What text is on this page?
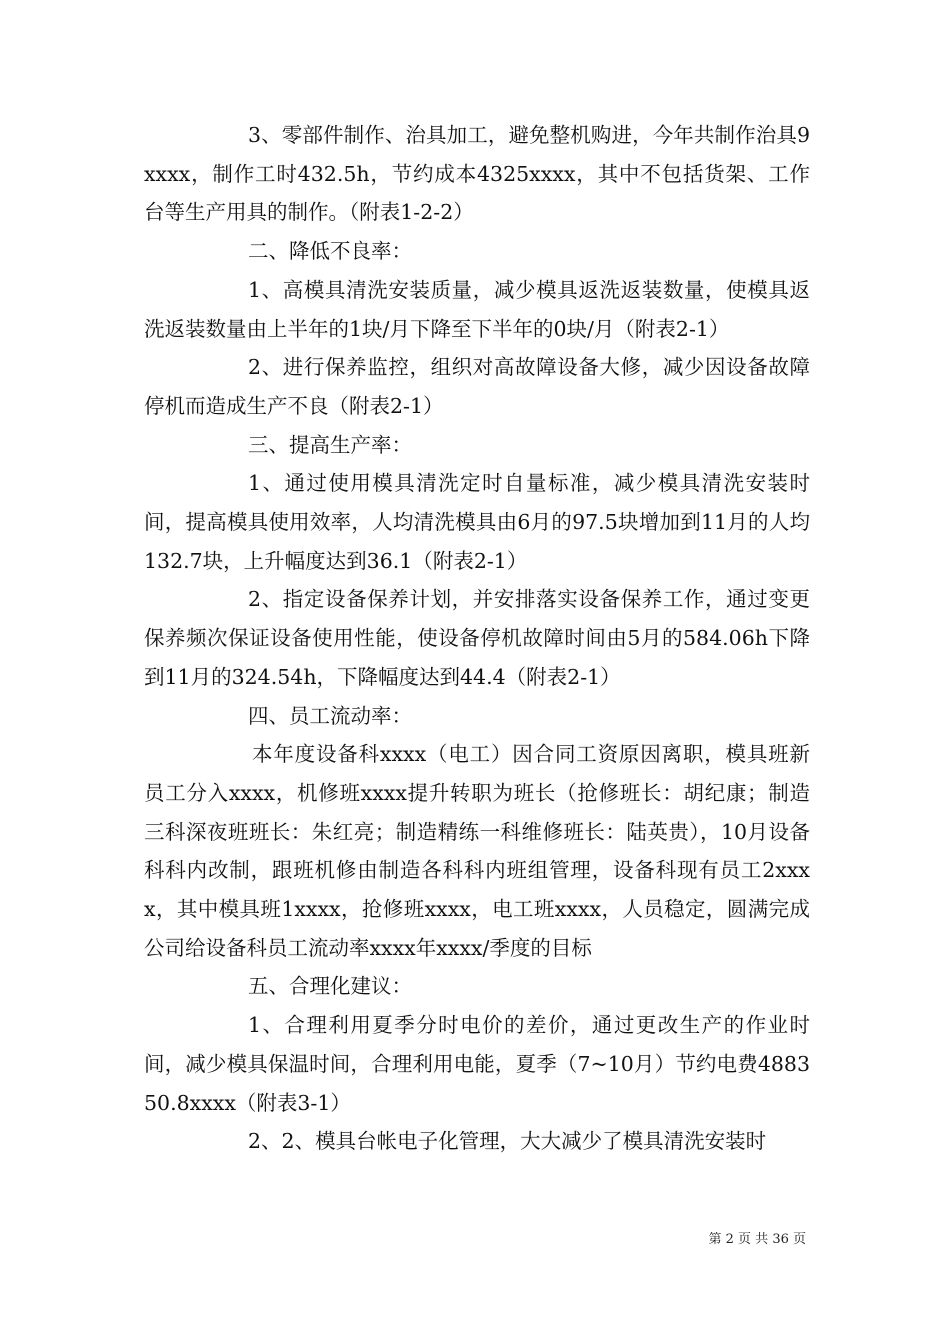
3、零部件制作、治具加工，避免整机购进，今年共制作治具9xxxx，制作工时432.5h，节约成本4325xxxx，其中不包括货架、工作台等生产用具的制作。（附表1-2-2）

二、降低不良率：

1、高模具清洗安装质量，减少模具返洗返装数量，使模具返洗返装数量由上半年的1块/月下降至下半年的0块/月（附表2-1）

2、进行保养监控，组织对高故障设备大修，减少因设备故障停机而造成生产不良（附表2-1）

三、提高生产率：

1、通过使用模具清洗定时自量标准，减少模具清洗安装时间，提高模具使用效率，人均清洗模具由6月的97.5块增加到11月的人均132.7块，上升幅度达到36.1（附表2-1）

2、指定设备保养计划，并安排落实设备保养工作，通过变更保养频次保证设备使用性能，使设备停机故障时间由5月的584.06h下降到11月的324.54h，下降幅度达到44.4（附表2-1）

四、员工流动率：

本年度设备科xxxx（电工）因合同工资原因离职，模具班新员工分入xxxx，机修班xxxx提升转职为班长（抢修班长：胡纪康；制造三科深夜班班长：朱红亮；制造精练一科维修班长：陆英贵），10月设备科科内改制，跟班机修由制造各科科内班组管理，设备科现有员工2xxxx，其中模具班1xxxx，抢修班xxxx，电工班xxxx，人员稳定，圆满完成公司给设备科员工流动率xxxx年xxxx/季度的目标

五、合理化建议：

1、合理利用夏季分时电价的差价，通过更改生产的作业时间，减少模具保温时间，合理利用电能，夏季（7~10月）节约电费488350.8xxxx（附表3-1）

2、2、模具台帐电子化管理，大大减少了模具清洗安装时

第 2 页 共 36 页
